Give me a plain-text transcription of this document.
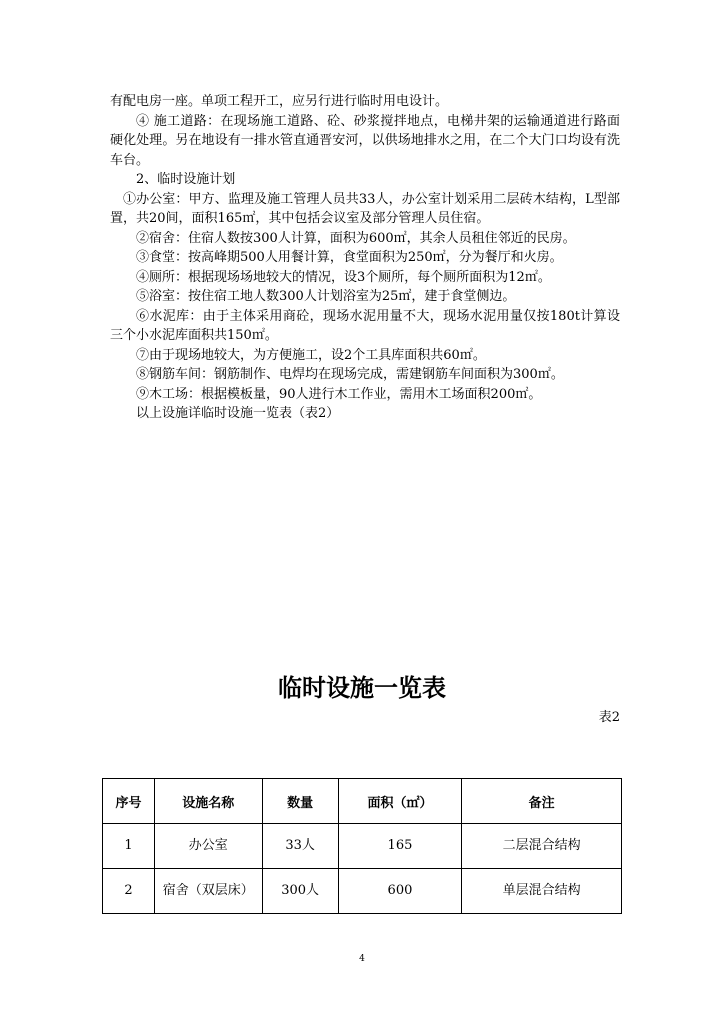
有配电房一座。单项工程开工，应另行进行临时用电设计。

④ 施工道路：在现场施工道路、砼、砂浆搅拌地点，电梯井架的运输通道进行路面硬化处理。另在地设有一排水管直通晋安河，以供场地排水之用，在二个大门口均设有洗车台。

2、临时设施计划

①办公室：甲方、监理及施工管理人员共33人，办公室计划采用二层砖木结构，L型部置，共20间，面积165㎡，其中包括会议室及部分管理人员住宿。

②宿舍：住宿人数按300人计算，面积为600㎡，其余人员租住邻近的民房。

③食堂：按高峰期500人用餐计算，食堂面积为250㎡，分为餐厅和火房。

④厕所：根据现场场地较大的情况，设3个厕所，每个厕所面积为12㎡。

⑤浴室：按住宿工地人数300人计划浴室为25㎡，建于食堂侧边。

⑥水泥库：由于主体采用商砼，现场水泥用量不大，现场水泥用量仅按180t计算设三个小水泥库面积共150㎡。

⑦由于现场地较大，为方便施工，设2个工具库面积共60㎡。

⑧钢筋车间：钢筋制作、电焊均在现场完成，需建钢筋车间面积为300㎡。

⑨木工场：根据模板量，90人进行木工作业，需用木工场面积200㎡。

以上设施详临时设施一览表（表2）

临时设施一览表
表2
序号	设施名称	数量	面积（㎡）	备注
1	办公室	33人	165	二层混合结构
2	宿舍（双层床）	300人	600	单层混合结构
4
